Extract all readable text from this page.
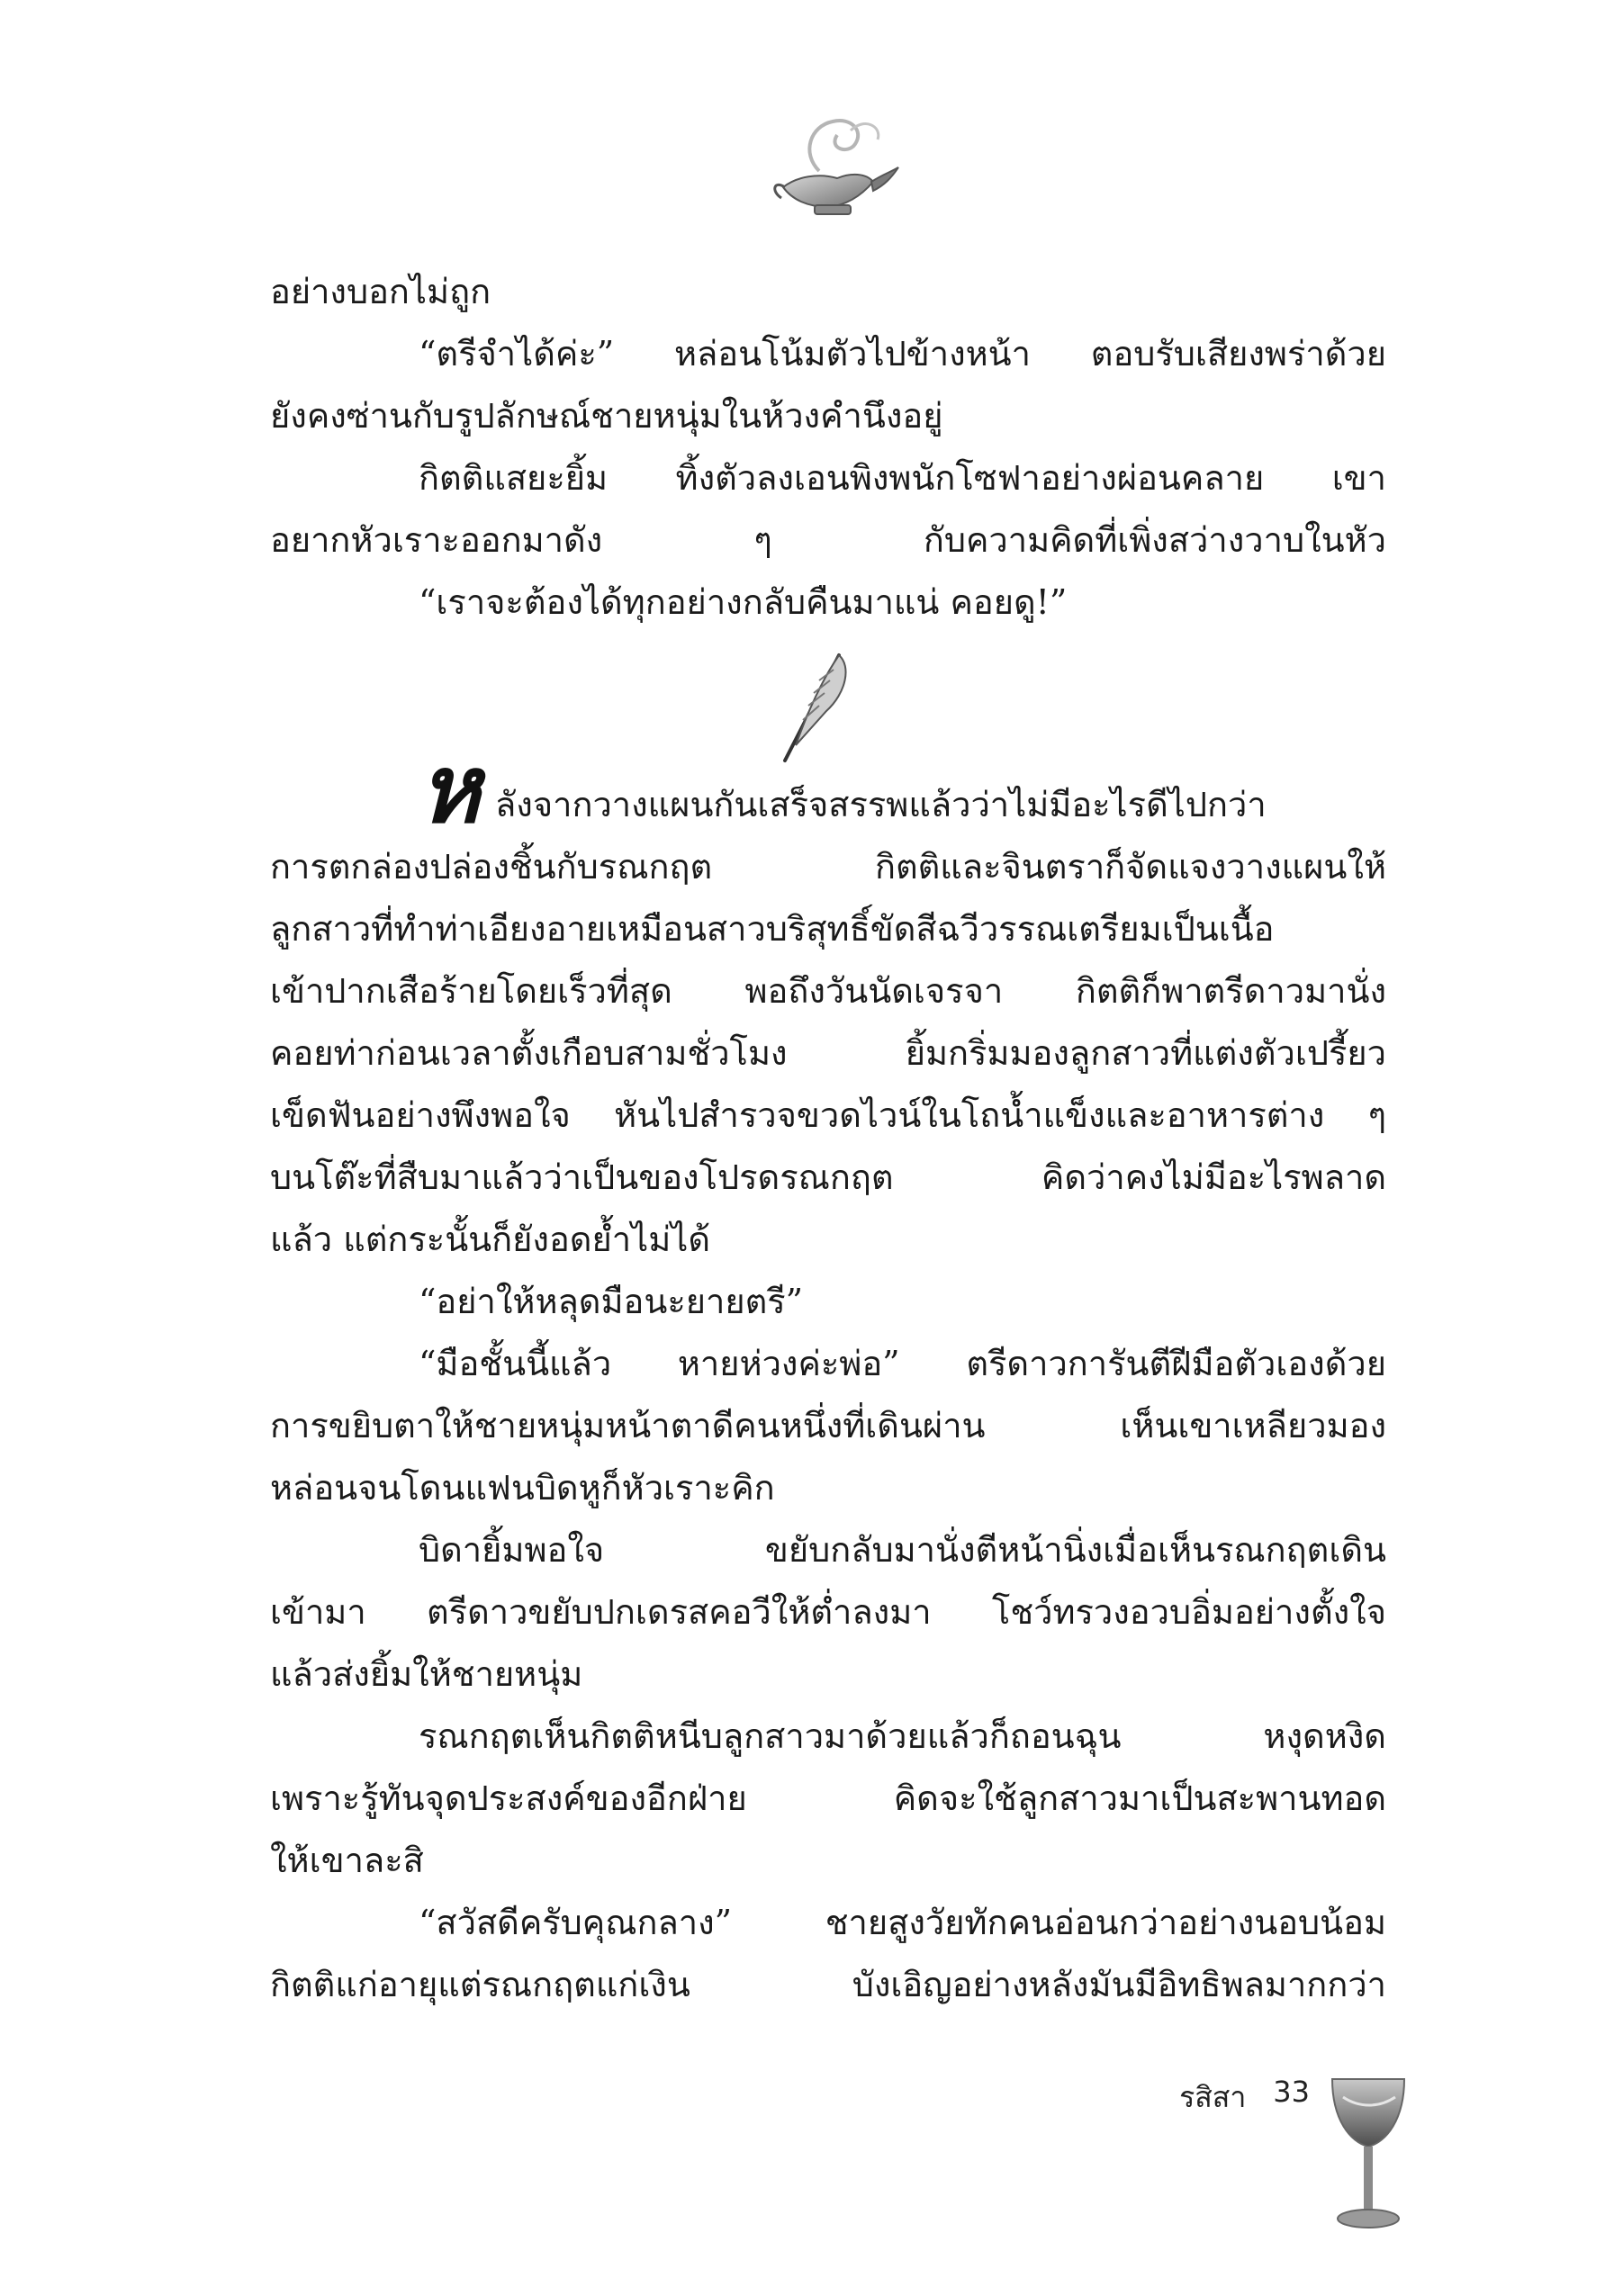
อย่างบอกไม่ถูก
“ตรีจำได้ค่ะ” หล่อนโน้มตัวไปข้างหน้า ตอบรับเสียงพร่าด้วย
ยังคงซ่านกับรูปลักษณ์ชายหนุ่มในห้วงคำนึงอยู่
กิตติแสยะยิ้ม ทิ้งตัวลงเอนพิงพนักโซฟาอย่างผ่อนคลาย เขา
อยากหัวเราะออกมาดัง ๆ กับความคิดที่เพิ่งสว่างวาบในหัว
“เราจะต้องได้ทุกอย่างกลับคืนมาแน่ คอยดู!”
ห ลังจากวางแผนกันเสร็จสรรพแล้วว่าไม่มีอะไรดีไปกว่า
การตกล่องปล่องชิ้นกับรณกฤต กิตติและจินตราก็จัดแจงวางแผนให้
ลูกสาวที่ทำท่าเอียงอายเหมือนสาวบริสุทธิ์ขัดสีฉวีวรรณเตรียมเป็นเนื้อ
เข้าปากเสือร้ายโดยเร็วที่สุด พอถึงวันนัดเจรจา กิตติก็พาตรีดาวมานั่ง
คอยท่าก่อนเวลาตั้งเกือบสามชั่วโมง ยิ้มกริ่มมองลูกสาวที่แต่งตัวเปรี้ยว
เข็ดฟันอย่างพึงพอใจ หันไปสำรวจขวดไวน์ในโถน้ำแข็งและอาหารต่าง ๆ
บนโต๊ะที่สืบมาแล้วว่าเป็นของโปรดรณกฤต คิดว่าคงไม่มีอะไรพลาด
แล้ว แต่กระนั้นก็ยังอดย้ำไม่ได้
“อย่าให้หลุดมือนะยายตรี”
“มือชั้นนี้แล้ว หายห่วงค่ะพ่อ” ตรีดาวการันตีฝีมือตัวเองด้วย
การขยิบตาให้ชายหนุ่มหน้าตาดีคนหนึ่งที่เดินผ่าน เห็นเขาเหลียวมอง
หล่อนจนโดนแฟนบิดหูก็หัวเราะคิก
บิดายิ้มพอใจ ขยับกลับมานั่งตีหน้านิ่งเมื่อเห็นรณกฤตเดิน
เข้ามา ตรีดาวขยับปกเดรสคอวีให้ต่ำลงมา โชว์ทรวงอวบอิ่มอย่างตั้งใจ
แล้วส่งยิ้มให้ชายหนุ่ม
รณกฤตเห็นกิตติหนีบลูกสาวมาด้วยแล้วก็ถอนฉุน หงุดหงิด
เพราะรู้ทันจุดประสงค์ของอีกฝ่าย คิดจะใช้ลูกสาวมาเป็นสะพานทอด
ให้เขาละสิ
“สวัสดีครับคุณกลาง” ชายสูงวัยทักคนอ่อนกว่าอย่างนอบน้อม
กิตติแก่อายุแต่รณกฤตแก่เงิน บังเอิญอย่างหลังมันมีอิทธิพลมากกว่า
รสิสา 33
